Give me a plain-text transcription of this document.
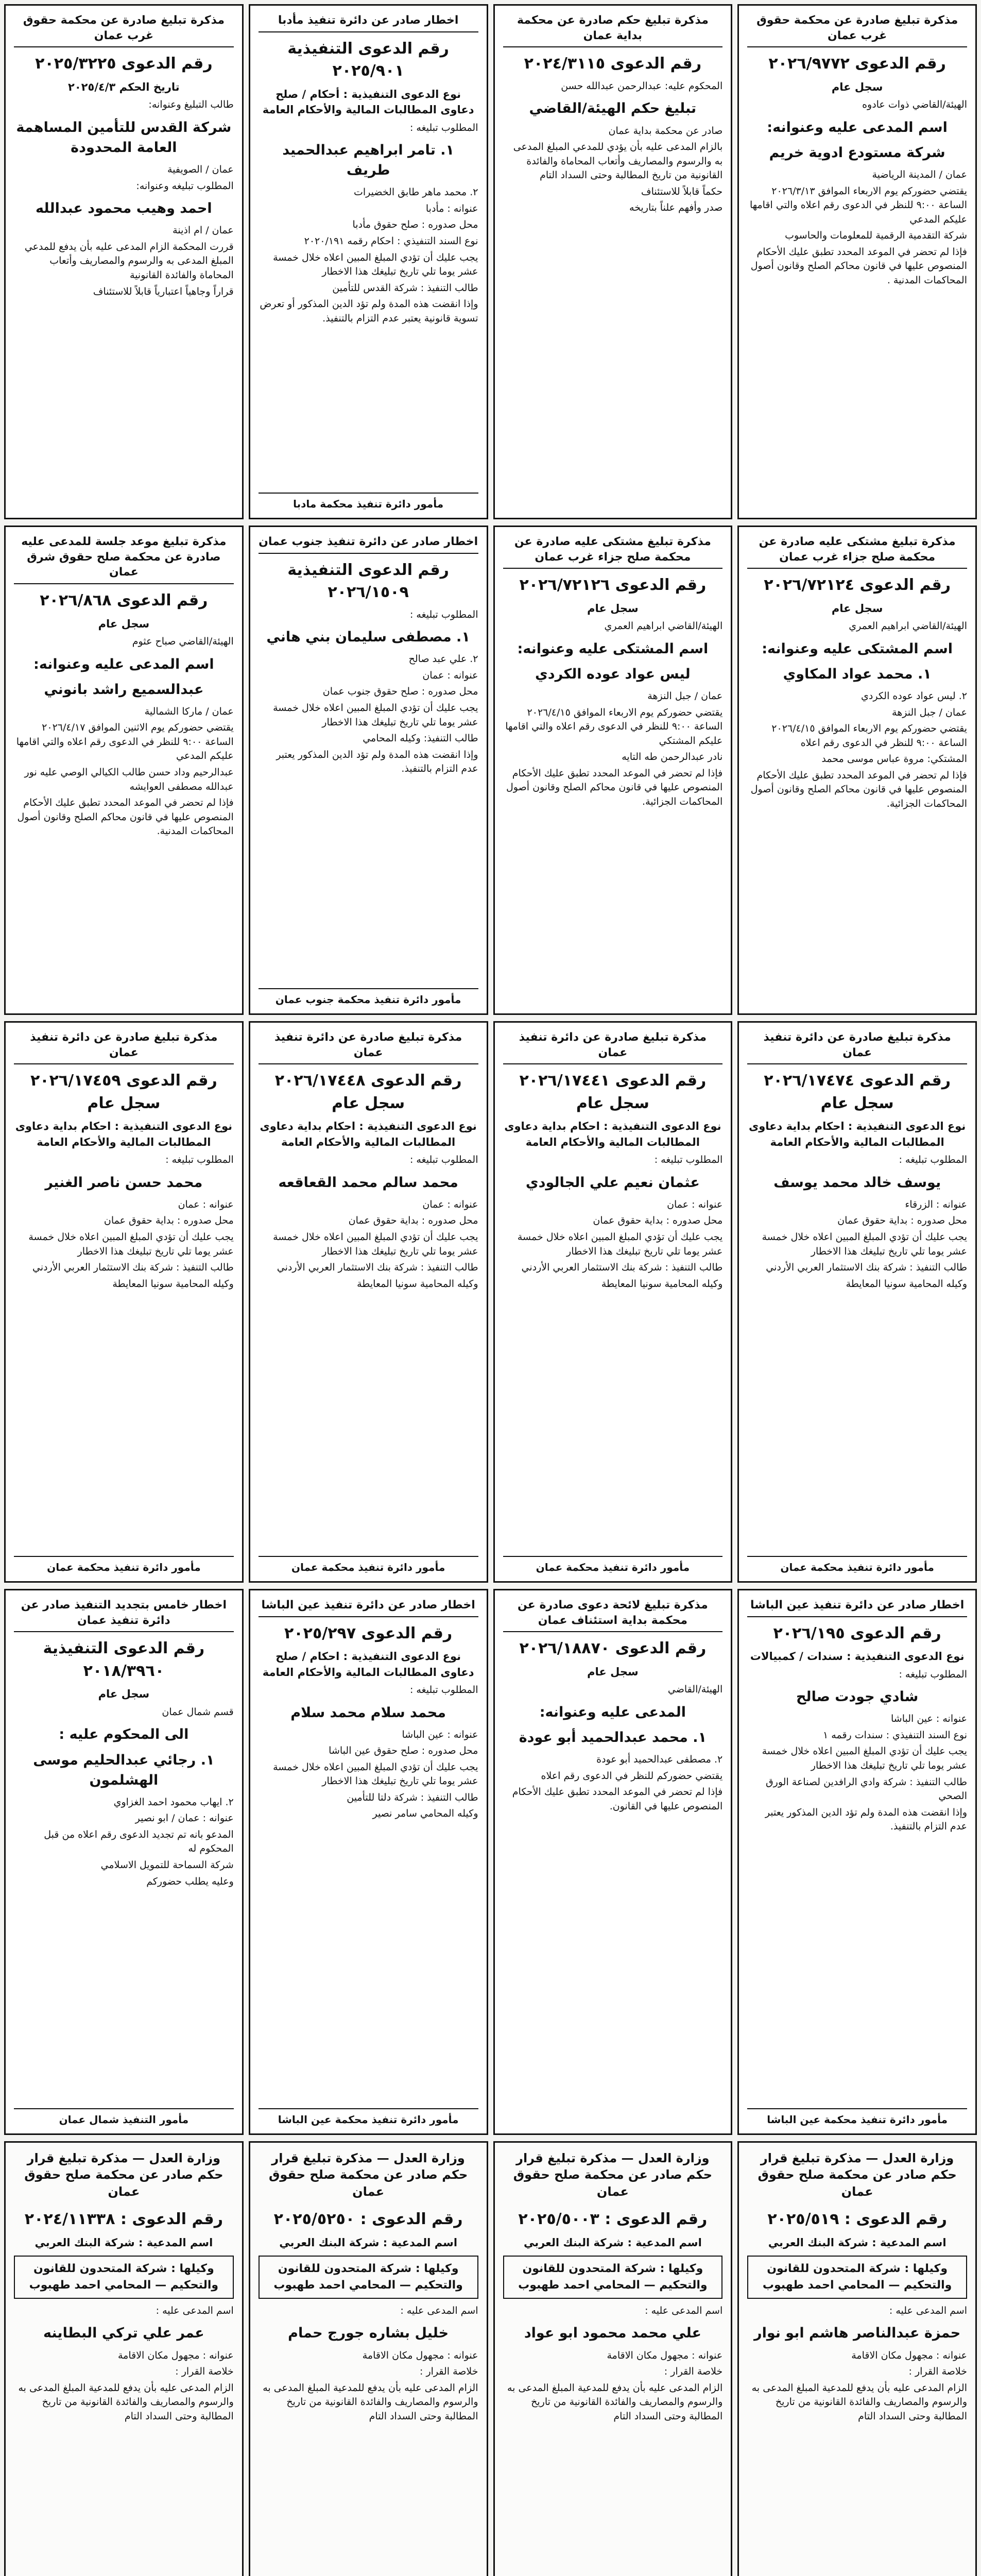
مذكرة تبليغ صادرة عن محكمة حقوق غرب عمان
رقم الدعوى ٢٠٢٦/٩٧٧٢
سجل عام
الهيئة/القاضي ذوات عادوه
اسم المدعى عليه وعنوانه:
شركة مستودع ادوية خريم
عمان / المدينة الرياضية
يقتضي حضوركم يوم الاربعاء الموافق ٢٠٢٦/٣/١٣ الساعة ٩:٠٠ للنظر في الدعوى رقم اعلاه والتي اقامها عليكم المدعي
شركة التقدمية الرقمية للمعلومات والحاسوب
فإذا لم تحضر في الموعد المحدد تطبق عليك الأحكام المنصوص عليها في قانون محاكم الصلح وقانون أصول المحاكمات المدنية .
مذكرة تبليغ حكم صادرة عن محكمة بداية عمان
رقم الدعوى ٢٠٢٤/٣١١٥
المحكوم عليه: عبدالرحمن عبدالله حسن
تبليغ حكم الهيئة/القاضي
صادر عن محكمة بداية عمان
بالزام المدعى عليه بأن يؤدي للمدعي المبلغ المدعى به والرسوم والمصاريف وأتعاب المحاماة والفائدة القانونية من تاريخ المطالبة وحتى السداد التام
حكماً قابلاً للاستئناف
صدر وأفهم علناً بتاريخه
اخطار صادر عن دائرة تنفيذ مأدبا
رقم الدعوى التنفيذية ٢٠٢٥/٩٠١
نوع الدعوى التنفيذية : أحكام / صلح دعاوى المطالبات المالية والأحكام العامة
المطلوب تبليغه :
١. تامر ابراهيم عبدالحميد طريف
٢. محمد ماهر طابق الخضيرات
عنوانه : مأدبا
محل صدوره : صلح حقوق مأدبا
نوع السند التنفيذي : احكام رقمه ٢٠٢٠/١٩١
يجب عليك أن تؤدي المبلغ المبين اعلاه خلال خمسة عشر يوما تلي تاريخ تبليغك هذا الاخطار
طالب التنفيذ : شركة القدس للتأمين
وإذا انقضت هذه المدة ولم تؤد الدين المذكور أو تعرض تسوية قانونية يعتبر عدم التزام بالتنفيذ.
مأمور دائرة تنفيذ محكمة مادبا
مذكرة تبليغ صادرة عن محكمة حقوق غرب عمان
رقم الدعوى ٢٠٢٥/٣٢٢٥
تاريخ الحكم ٢٠٢٥/٤/٣
طالب التبليغ وعنوانه:
شركة القدس للتأمين المساهمة العامة المحدودة
عمان / الصويفية
المطلوب تبليغه وعنوانه:
احمد وهيب محمود عبدالله
عمان / ام اذينة
قررت المحكمة الزام المدعى عليه بأن يدفع للمدعي المبلغ المدعى به والرسوم والمصاريف وأتعاب المحاماة والفائدة القانونية
قراراً وجاهياً اعتبارياً قابلاً للاستئناف
مذكرة تبليغ مشتكى عليه صادرة عن محكمة صلح جزاء غرب عمان
رقم الدعوى ٢٠٢٦/٧٢١٢٤
سجل عام
الهيئة/القاضي ابراهيم العمري
اسم المشتكى عليه وعنوانه:
١. محمد عواد المكاوي
٢. ليس عواد عوده الكردي
عمان / جبل النزهة
يقتضي حضوركم يوم الاربعاء الموافق ٢٠٢٦/٤/١٥ الساعة ٩:٠٠ للنظر في الدعوى رقم اعلاه
المشتكي: مروة عباس موسى محمد
فإذا لم تحضر في الموعد المحدد تطبق عليك الأحكام المنصوص عليها في قانون محاكم الصلح وقانون أصول المحاكمات الجزائية.
مذكرة تبليغ مشتكى عليه صادرة عن محكمة صلح جزاء غرب عمان
رقم الدعوى ٢٠٢٦/٧٢١٢٦
سجل عام
الهيئة/القاضي ابراهيم العمري
اسم المشتكى عليه وعنوانه:
ليس عواد عوده الكردي
عمان / جبل النزهة
يقتضي حضوركم يوم الاربعاء الموافق ٢٠٢٦/٤/١٥ الساعة ٩:٠٠ للنظر في الدعوى رقم اعلاه والتي اقامها عليكم المشتكي
نادر عبدالرحمن طه التايه
فإذا لم تحضر في الموعد المحدد تطبق عليك الأحكام المنصوص عليها في قانون محاكم الصلح وقانون أصول المحاكمات الجزائية.
اخطار صادر عن دائرة تنفيذ جنوب عمان
رقم الدعوى التنفيذية ٢٠٢٦/١٥٠٩
المطلوب تبليغه :
١. مصطفى سليمان بني هاني
٢. علي عبد صالح
عنوانه : عمان
محل صدوره : صلح حقوق جنوب عمان
يجب عليك أن تؤدي المبلغ المبين اعلاه خلال خمسة عشر يوما تلي تاريخ تبليغك هذا الاخطار
طالب التنفيذ: وكيله المحامي
وإذا انقضت هذه المدة ولم تؤد الدين المذكور يعتبر عدم التزام بالتنفيذ.
مأمور دائرة تنفيذ محكمة جنوب عمان
مذكرة تبليغ موعد جلسة للمدعى عليه صادرة عن محكمة صلح حقوق شرق عمان
رقم الدعوى ٢٠٢٦/٨٦٨
سجل عام
الهيئة/القاضي صباح عثوم
اسم المدعى عليه وعنوانه:
عبدالسميع راشد بانوني
عمان / ماركا الشمالية
يقتضي حضوركم يوم الاثنين الموافق ٢٠٢٦/٤/١٧ الساعة ٩:٠٠ للنظر في الدعوى رقم اعلاه والتي اقامها عليكم المدعي
عبدالرحيم وداد حسن طالب الكيالي الوصي عليه نور عبدالله مصطفى العوايشه
فإذا لم تحضر في الموعد المحدد تطبق عليك الأحكام المنصوص عليها في قانون محاكم الصلح وقانون أصول المحاكمات المدنية.
مذكرة تبليغ صادرة عن دائرة تنفيذ عمان
رقم الدعوى ٢٠٢٦/١٧٤٧٤ سجل عام
نوع الدعوى التنفيذية : احكام بداية دعاوى المطالبات المالية والأحكام العامة
المطلوب تبليغه :
يوسف خالد محمد يوسف
عنوانه : الزرقاء
محل صدوره : بداية حقوق عمان
يجب عليك أن تؤدي المبلغ المبين اعلاه خلال خمسة عشر يوما تلي تاريخ تبليغك هذا الاخطار
طالب التنفيذ : شركة بنك الاستثمار العربي الأردني
وكيله المحامية سونيا المعايطة
مأمور دائرة تنفيذ محكمة عمان
مذكرة تبليغ صادرة عن دائرة تنفيذ عمان
رقم الدعوى ٢٠٢٦/١٧٤٤١ سجل عام
نوع الدعوى التنفيذية : احكام بداية دعاوى المطالبات المالية والأحكام العامة
المطلوب تبليغه :
عثمان نعيم علي الجالودي
عنوانه : عمان
محل صدوره : بداية حقوق عمان
يجب عليك أن تؤدي المبلغ المبين اعلاه خلال خمسة عشر يوما تلي تاريخ تبليغك هذا الاخطار
طالب التنفيذ : شركة بنك الاستثمار العربي الأردني
وكيله المحامية سونيا المعايطة
مأمور دائرة تنفيذ محكمة عمان
مذكرة تبليغ صادرة عن دائرة تنفيذ عمان
رقم الدعوى ٢٠٢٦/١٧٤٤٨ سجل عام
نوع الدعوى التنفيذية : احكام بداية دعاوى المطالبات المالية والأحكام العامة
المطلوب تبليغه :
محمد سالم محمد القعاقعه
عنوانه : عمان
محل صدوره : بداية حقوق عمان
يجب عليك أن تؤدي المبلغ المبين اعلاه خلال خمسة عشر يوما تلي تاريخ تبليغك هذا الاخطار
طالب التنفيذ : شركة بنك الاستثمار العربي الأردني
وكيله المحامية سونيا المعايطة
مأمور دائرة تنفيذ محكمة عمان
مذكرة تبليغ صادرة عن دائرة تنفيذ عمان
رقم الدعوى ٢٠٢٦/١٧٤٥٩ سجل عام
نوع الدعوى التنفيذية : احكام بداية دعاوى المطالبات المالية والأحكام العامة
المطلوب تبليغه :
محمد حسن ناصر الغنير
عنوانه : عمان
محل صدوره : بداية حقوق عمان
يجب عليك أن تؤدي المبلغ المبين اعلاه خلال خمسة عشر يوما تلي تاريخ تبليغك هذا الاخطار
طالب التنفيذ : شركة بنك الاستثمار العربي الأردني
وكيله المحامية سونيا المعايطة
مأمور دائرة تنفيذ محكمة عمان
اخطار صادر عن دائرة تنفيذ عين الباشا
رقم الدعوى ٢٠٢٦/١٩٥
نوع الدعوى التنفيذية : سندات / كمبيالات
المطلوب تبليغه :
شادي جودت صالح
عنوانه : عين الباشا
نوع السند التنفيذي : سندات رقمه ١
يجب عليك أن تؤدي المبلغ المبين اعلاه خلال خمسة عشر يوما تلي تاريخ تبليغك هذا الاخطار
طالب التنفيذ : شركة وادي الرافدين لصناعة الورق الصحي
وإذا انقضت هذه المدة ولم تؤد الدين المذكور يعتبر عدم التزام بالتنفيذ.
مأمور دائرة تنفيذ محكمة عين الباشا
مذكرة تبليغ لائحة دعوى صادرة عن محكمة بداية استئناف عمان
رقم الدعوى ٢٠٢٦/١٨٨٧٠
سجل عام
الهيئة/القاضي
المدعى عليه وعنوانه:
١. محمد عبدالحميد أبو عودة
٢. مصطفى عبدالحميد أبو عودة
يقتضي حضوركم للنظر في الدعوى رقم اعلاه
فإذا لم تحضر في الموعد المحدد تطبق عليك الأحكام المنصوص عليها في القانون.
اخطار صادر عن دائرة تنفيذ عين الباشا
رقم الدعوى ٢٠٢٥/٢٩٧
نوع الدعوى التنفيذية : احكام / صلح دعاوى المطالبات المالية والأحكام العامة
المطلوب تبليغه :
محمد سلام محمد سلام
عنوانه : عين الباشا
محل صدوره : صلح حقوق عين الباشا
يجب عليك أن تؤدي المبلغ المبين اعلاه خلال خمسة عشر يوما تلي تاريخ تبليغك هذا الاخطار
طالب التنفيذ : شركة دلتا للتأمين
وكيله المحامي سامر نصير
مأمور دائرة تنفيذ محكمة عين الباشا
اخطار خامس بتجديد التنفيذ صادر عن دائرة تنفيذ عمان
رقم الدعوى التنفيذية ٢٠١٨/٣٩٦٠
سجل عام
قسم شمال عمان
الى المحكوم عليه :
١. رجائي عبدالحليم موسى الهشلمون
٢. ايهاب محمود احمد الغزاوي
عنوانه : عمان / ابو نصير
المدعو بانه تم تجديد الدعوى رقم اعلاه من قبل المحكوم له
شركة السماحة للتمويل الاسلامي
وعليه يطلب حضوركم
مأمور التنفيذ شمال عمان
وزارة العدل — مذكرة تبليغ قرار حكم صادر عن محكمة صلح حقوق عمان
رقم الدعوى : ٢٠٢٥/٥١٩
اسم المدعية : شركة البنك العربي
وكيلها : شركة المتحدون للقانون والتحكيم — المحامي احمد طهبوب
اسم المدعى عليه :
حمزة عبدالناصر هاشم ابو نوار
عنوانه : مجهول مكان الاقامة
خلاصة القرار :
الزام المدعى عليه بأن يدفع للمدعية المبلغ المدعى به والرسوم والمصاريف والفائدة القانونية من تاريخ المطالبة وحتى السداد التام
وزارة العدل — مذكرة تبليغ قرار حكم صادر عن محكمة صلح حقوق عمان
رقم الدعوى : ٢٠٢٥/٥٠٠٣
اسم المدعية : شركة البنك العربي
وكيلها : شركة المتحدون للقانون والتحكيم — المحامي احمد طهبوب
اسم المدعى عليه :
علي محمد محمود ابو عواد
عنوانه : مجهول مكان الاقامة
خلاصة القرار :
الزام المدعى عليه بأن يدفع للمدعية المبلغ المدعى به والرسوم والمصاريف والفائدة القانونية من تاريخ المطالبة وحتى السداد التام
وزارة العدل — مذكرة تبليغ قرار حكم صادر عن محكمة صلح حقوق عمان
رقم الدعوى : ٢٠٢٥/٥٢٥٠
اسم المدعية : شركة البنك العربي
وكيلها : شركة المتحدون للقانون والتحكيم — المحامي احمد طهبوب
اسم المدعى عليه :
خليل بشاره جورج حمام
عنوانه : مجهول مكان الاقامة
خلاصة القرار :
الزام المدعى عليه بأن يدفع للمدعية المبلغ المدعى به والرسوم والمصاريف والفائدة القانونية من تاريخ المطالبة وحتى السداد التام
وزارة العدل — مذكرة تبليغ قرار حكم صادر عن محكمة صلح حقوق عمان
رقم الدعوى : ٢٠٢٤/١١٣٣٨
اسم المدعية : شركة البنك العربي
وكيلها : شركة المتحدون للقانون والتحكيم — المحامي احمد طهبوب
اسم المدعى عليه :
عمر علي تركي البطاينه
عنوانه : مجهول مكان الاقامة
خلاصة القرار :
الزام المدعى عليه بأن يدفع للمدعية المبلغ المدعى به والرسوم والمصاريف والفائدة القانونية من تاريخ المطالبة وحتى السداد التام
